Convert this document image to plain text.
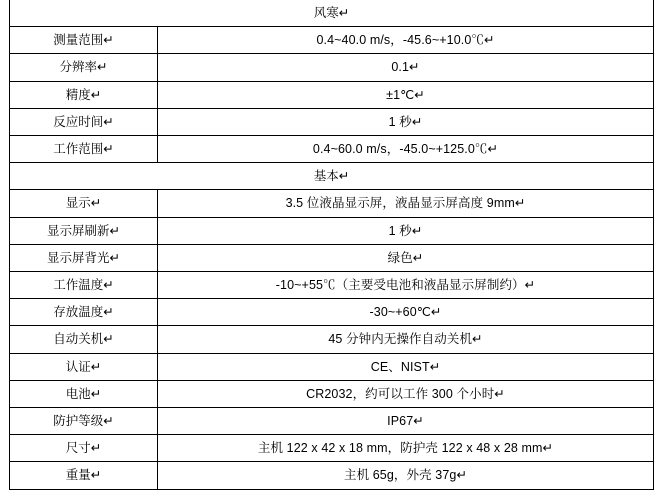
风寒↵	
测量范围↵	0.4~40.0 m/s，-45.6~+10.0℃↵
分辨率↵	0.1↵
精度↵	±1℃↵
反应时间↵	1 秒↵
工作范围↵	0.4~60.0 m/s，-45.0~+125.0℃↵
基本↵	
显示↵	3.5 位液晶显示屏，液晶显示屏高度 9mm↵
显示屏刷新↵	1 秒↵
显示屏背光↵	绿色↵
工作温度↵	-10~+55℃（主要受电池和液晶显示屏制约）↵
存放温度↵	-30~+60℃↵
自动关机↵	45 分钟内无操作自动关机↵
认证↵	CE、NIST↵
电池↵	CR2032，约可以工作 300 个小时↵
防护等级↵	IP67↵
尺寸↵	主机 122 x 42 x 18 mm，防护壳 122 x 48 x 28 mm↵
重量↵	主机 65g，外壳 37g↵
